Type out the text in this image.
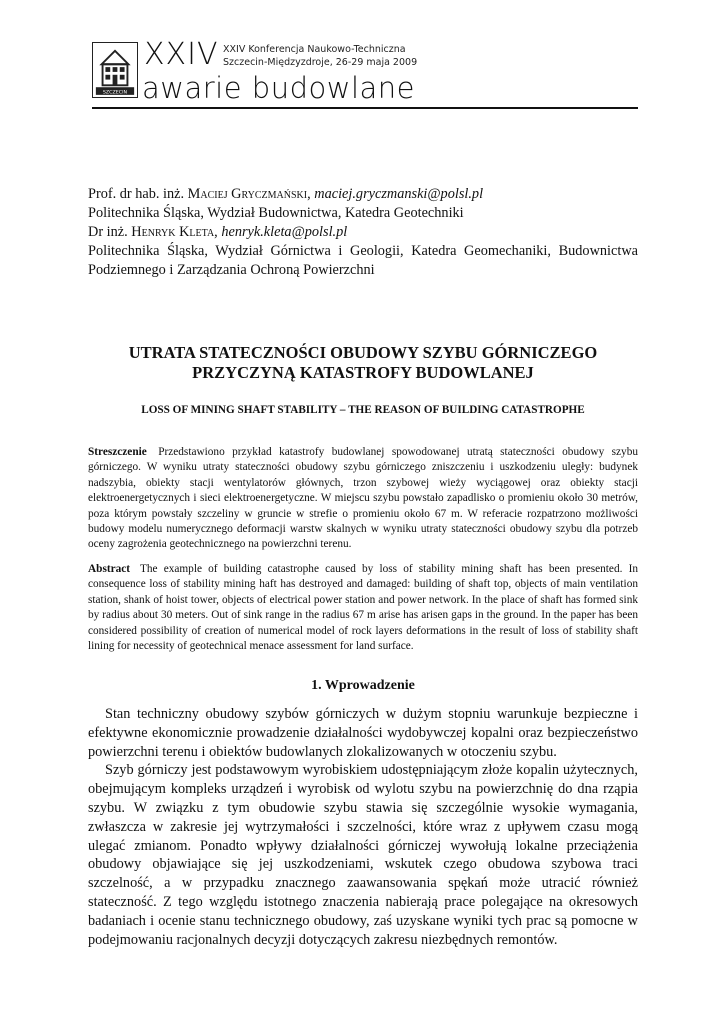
SZCZECIN
XXIV XXIV Konferencja Naukowo-Techniczna
Szczecin-Międzyzdroje, 26-29 maja 2009
awarie budowlane
Prof. dr hab. inż. Maciej Gryczmański, maciej.gryczmanski@polsl.pl
Politechnika Śląska, Wydział Budownictwa, Katedra Geotechniki
Dr inż. Henryk Kleta, henryk.kleta@polsl.pl
Politechnika Śląska, Wydział Górnictwa i Geologii, Katedra Geomechaniki, Budownictwa Podziemnego i Zarządzania Ochroną Powierzchni
UTRATA STATECZNOŚCI OBUDOWY SZYBU GÓRNICZEGO
PRZYCZYNĄ KATASTROFY BUDOWLANEJ
LOSS OF MINING SHAFT STABILITY – THE REASON OF BUILDING CATASTROPHE
Streszczenie Przedstawiono przykład katastrofy budowlanej spowodowanej utratą stateczności obudowy szybu górniczego. W wyniku utraty stateczności obudowy szybu górniczego zniszczeniu i uszkodzeniu uległy: budynek nadszybia, obiekty stacji wentylatorów głównych, trzon szybowej wieży wyciągowej oraz obiekty stacji elektroenergetycznych i sieci elektroenergetyczne. W miejscu szybu powstało zapadlisko o promieniu około 30 metrów, poza którym powstały szczeliny w gruncie w strefie o promieniu około 67 m. W referacie rozpatrzono możliwości budowy modelu numerycznego deformacji warstw skalnych w wyniku utraty stateczności obudowy szybu dla potrzeb oceny zagrożenia geotechnicznego na powierzchni terenu.
Abstract The example of building catastrophe caused by loss of stability mining shaft has been presented. In consequence loss of stability mining haft has destroyed and damaged: building of shaft top, objects of main ventilation station, shank of hoist tower, objects of electrical power station and power network. In the place of shaft has formed sink by radius about 30 meters. Out of sink range in the radius 67 m arise has arisen gaps in the ground. In the paper has been considered possibility of creation of numerical model of rock layers deformations in the result of loss of stability shaft lining for necessity of geotechnical menace assessment for land surface.
1. Wprowadzenie

Stan techniczny obudowy szybów górniczych w dużym stopniu warunkuje bezpieczne i efektywne ekonomicznie prowadzenie działalności wydobywczej kopalni oraz bezpieczeństwo powierzchni terenu i obiektów budowlanych zlokalizowanych w otoczeniu szybu.

Szyb górniczy jest podstawowym wyrobiskiem udostępniającym złoże kopalin użytecznych, obejmującym kompleks urządzeń i wyrobisk od wylotu szybu na powierzchnię do dna rząpia szybu. W związku z tym obudowie szybu stawia się szczególnie wysokie wymagania, zwłaszcza w zakresie jej wytrzymałości i szczelności, które wraz z upływem czasu mogą ulegać zmianom. Ponadto wpływy działalności górniczej wywołują lokalne przeciążenia obudowy objawiające się jej uszkodzeniami, wskutek czego obudowa szybowa traci szczelność, a w przypadku znacznego zaawansowania spękań może utracić również stateczność. Z tego względu istotnego znaczenia nabierają prace polegające na okresowych badaniach i ocenie stanu technicznego obudowy, zaś uzyskane wyniki tych prac są pomocne w podejmowaniu racjonalnych decyzji dotyczących zakresu niezbędnych remontów.
